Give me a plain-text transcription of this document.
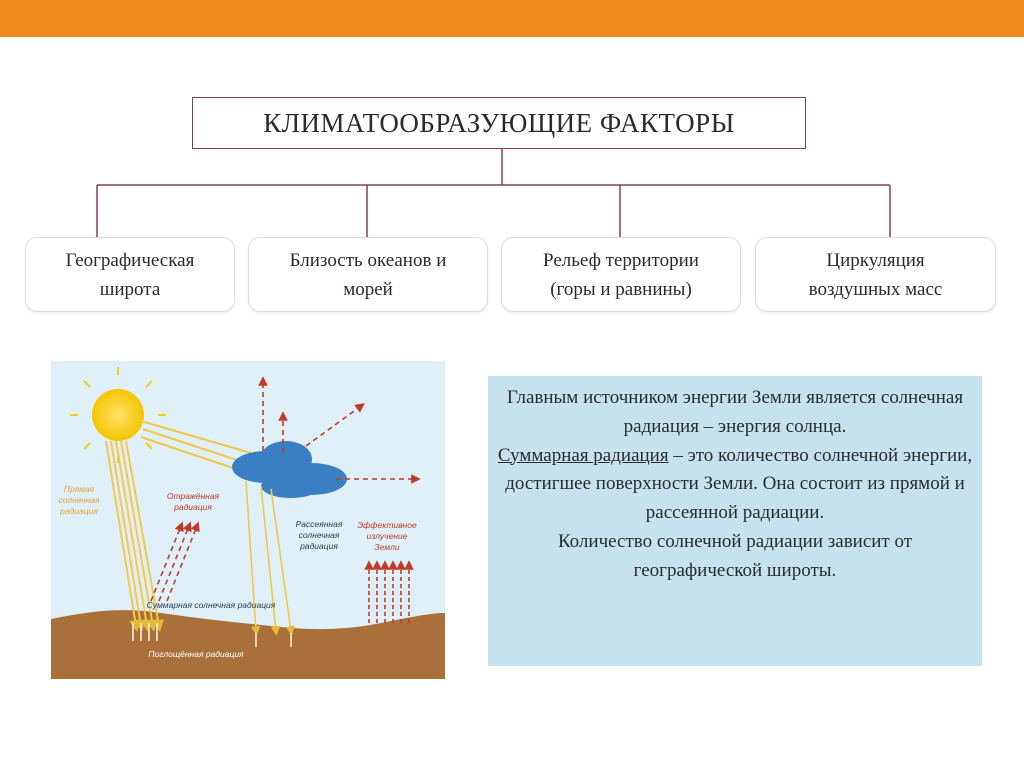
КЛИМАТООБРАЗУЮЩИЕ ФАКТОРЫ
Географическая
широта
Близость океанов и
морей
Рельеф территории
(горы и равнины)
Циркуляция
воздушных масс
Прямая
солнечная
радиация
Отражённая
радиация
Эффективное
излучение
Земли
Рассеянная
солнечная
радиация
Суммарная солнечная радиация
Поглощённая радиация
Главным источником энергии Земли является солнечная радиация – энергия солнца.
Суммарная радиация – это количество солнечной энергии, достигшее поверхности Земли. Она состоит из прямой и рассеянной радиации.
Количество солнечной радиации зависит от географической широты.
